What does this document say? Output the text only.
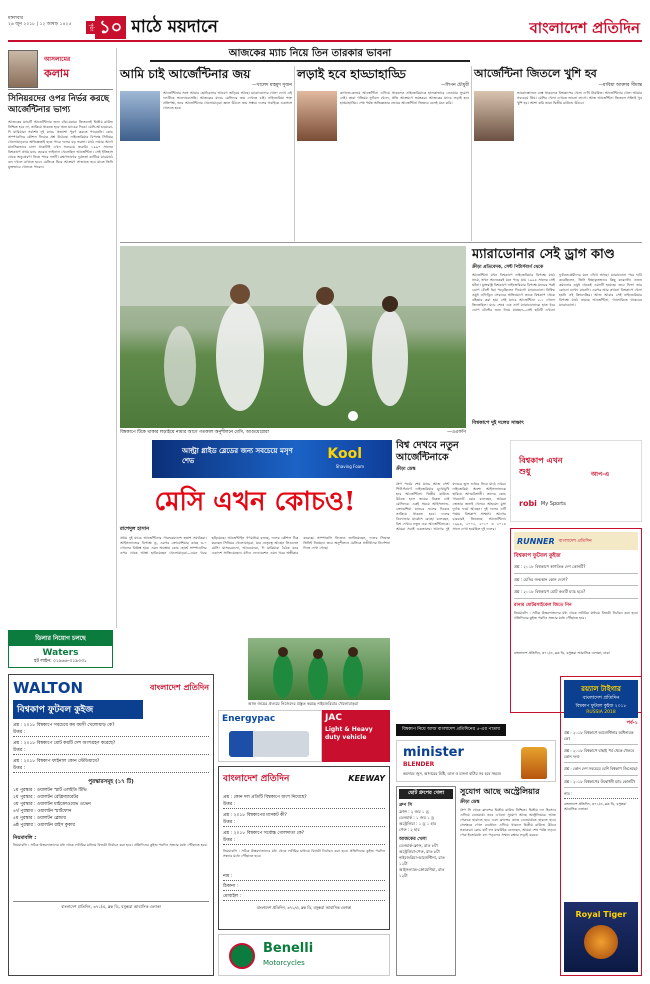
মঙ্গলবার
২৬ জুন ২০১৮ | ১২ আষাঢ় ১৪২৫	পৃষ্ঠা ১০ মাঠে ময়দানে	বাংলাদেশ প্রতিদিন
আসলামের
কলাম
সিনিয়রদের ওপর নির্ভর করছে আর্জেন্টিনার ভাগ্য
আজকের ম্যাচটি আর্জেন্টিনার জন্য বাঁচা-মরার। জিতলেই দ্বিতীয় রাউন্ড নিশ্চিত হবে না, তাকিয়ে থাকতে হবে অন্য ম্যাচের দিকে। মেসি-আগুয়েরো-দি মারিয়ারা সর্বশেষ দুই ম্যাচে প্রত্যাশা পূরণ করতে পারেননি। কোচ সাম্পাওলির কৌশল নিয়েও প্রশ্ন উঠেছে। নাইজেরিয়ার বিপক্ষে সিনিয়র খেলোয়াড়দের অভিজ্ঞতাই হতে পারে দলের বড় ভরসা। মাঠে নামার আগে মানসিকভাবে চাঙ্গা থাকাটাই এখন সবচেয়ে জরুরি। ১৯৯০ সালের বিশ্বকাপে প্রথম ম্যাচ হেরেও ফাইনাল খেলেছিল আর্জেন্টিনা। সেই ইতিহাস থেকে অনুপ্রেরণা নিতে পারে দলটি। রক্ষণভাগের দুর্বলতা কাটিয়ে মাঝমাঠে বল দখলে রাখতে হবে। মেসিকে ঘিরে আক্রমণ সাজাতে হবে যাতে তিনি মুক্তভাবে খেলতে পারেন।
আজকের ম্যাচ নিয়ে তিন তারকার ভাবনা
আমি চাই আর্জেন্টিনার জয়
—খালেদ মাহমুদ সুজন
আর্জেন্টিনার সঙ্গে আমার ছোটবেলার আবেগ জড়িয়ে আছে। ম্যারাডোনার খেলা দেখে এই দলটিকে ভালোবেসেছি। আজকের ম্যাচে মেসিদের জয় দেখতে চাই। নাইজেরিয়া শক্ত প্রতিপক্ষ, তবে আর্জেন্টিনার খেলোয়াড়রা জ্বলে উঠলে জয় সম্ভব। দলের সবাইকে একসঙ্গে খেলতে হবে।
লড়াই হবে হাড্ডাহাড্ডি
—লিপন চৌধুরী
কাগজে-কলমে আর্জেন্টিনা এগিয়ে থাকলেও নাইজেরিয়াকে হালকাভাবে নেওয়ার সুযোগ নেই। তারা গতিময় ফুটবল খেলে, প্রতি আক্রমণে ভয়ংকর। আজকের ম্যাচে লড়াই হবে হাড্ডাহাড্ডি। শেষ পর্যন্ত অভিজ্ঞতার জোরে আর্জেন্টিনা জিতবে বলেই মনে করি।
আর্জেন্টিনা জিতলে খুশি হব
—মাবিয়া আক্তার সীমান্ত
ভারোত্তোলনে ব্যস্ত থাকলেও বিশ্বকাপের খেলা দেখি নিয়মিত। আর্জেন্টিনার খেলা আমার সবচেয়ে প্রিয়। মেসির খেলা দেখতে ভালো লাগে। আজ আর্জেন্টিনা জিতলে সত্যিই খুব খুশি হব। আশা করি তারা দ্বিতীয় রাউন্ডে উঠবে।
বিশ্বকাপে টিকে থাকার লড়াইয়ে নামার আগে গতকাল অনুশীলনে মেসি, আগুয়েরোরা	—এএফপি
ম্যারাডোনার সেই ড্রাগ কাণ্ড
ক্রীড়া প্রতিবেদক, সেন্ট পিটার্সবার্গ থেকে
আর্জেন্টিনা যখন বিশ্বকাপে নাইজেরিয়ার বিপক্ষে মাঠে নামে, তখন অনেকেরই মনে পড়ে যায় ১৯৯৪ সালের সেই ঘটনা। যুক্তরাষ্ট্র বিশ্বকাপে নাইজেরিয়ার বিপক্ষে ম্যাচের পরই ডোপ টেস্টে ধরা পড়েছিলেন দিয়েগো ম্যারাডোনা। নিষিদ্ধ ওষুধ এফিড্রিন সেবনের অভিযোগে তাকে বিশ্বকাপ থেকে বহিষ্কার করা হয়। সেই ম্যাচে আর্জেন্টিনা ২-১ গোলে জিতেছিল। ম্যাচ শেষে এক নার্স ম্যারাডোনাকে হাত ধরে ডোপ টেস্টের জন্য নিয়ে যাচ্ছেন—সেই ছবিটি এখনো ফুটবলপ্রেমীদের মনে গেঁথে আছে। ম্যারাডোনা পরে দাবি করেছিলেন, তিনি ইচ্ছাকৃতভাবে কিছু করেননি। ওজন কমানোর ওষুধ থেকেই এমনটি হয়েছে। তবে ফিফা তার কোনো ব্যাখ্যা মানেনি। এরপর আর কখনো বিশ্বকাপে খেলা হয়নি এই কিংবদন্তির। আজ আবার সেই নাইজেরিয়ার বিপক্ষে মাঠে নামছে আর্জেন্টিনা, গ্যালারিতে থাকবেন ম্যারাডোনা।
বিশ্বকাপে দুই দলের সাক্ষাৎ
আল্ট্রা গ্লাইড ব্লেডের জন্য সবচেয়ে মসৃণ শেভ	Kool
Shaving Foam
বিশ্ব দেখবে নতুন আর্জেন্টিনাকে
ক্রীড়া ডেস্ক
বিশ্বকাপ এখন শুধু	আপ-এ
robi My Sports
মেসি এখন কোচও!
রাশেদুল হাসান
প্রথম দুই ম্যাচে আর্জেন্টিনার পারফরম্যান্সে হতাশ সমর্থকরা। আইসল্যান্ডের বিপক্ষে ড্র, এরপর ক্রোয়েশিয়ার কাছে ৩-০ গোলের বিধ্বস্ত হার। এমন অবস্থায় কোচ হোর্হে সাম্পাওলির ওপর থেকে আস্থা হারিয়েছেন খেলোয়াড়রা—এমন খবর ছড়িয়েছে। আর্জেন্টাইন গণমাধ্যম বলছে, দলের কৌশল ঠিক করছেন সিনিয়র খেলোয়াড়রা, যার নেতৃত্বে আছেন লিওনেল মেসি। মাসচেরানো, আগুয়েরো, দি মারিয়ারা বৈঠক করে একাদশ সাজিয়েছেন। যদিও ফেডারেশন এমন খবর অস্বীকার করেছে। সাম্পাওলি নিজেও জানিয়েছেন, দলের সিদ্ধান্ত তিনিই নিচ্ছেন। তবে অনুশীলনে মেসিকে সতীর্থদের নির্দেশনা দিতে দেখা গেছে।
গ্রুপ পর্বের শেষ ম্যাচে আজ সেন্ট পিটার্সবার্গে নাইজেরিয়ার মুখোমুখি হবে আর্জেন্টিনা। দ্বিতীয় রাউন্ডে উঠতে হলে জয়ের বিকল্প নেই মেসিদের। একই সময়ে আইসল্যান্ড-ক্রোয়েশিয়া ম্যাচের ফলের দিকেও তাকিয়ে থাকতে হবে। দলের ডিফেন্ডার মার্কোস রোহো বলেছেন, বিশ্ব দেখবে নতুন এক আর্জেন্টিনাকে। আমরা সবাই একতাবদ্ধ। আগের দুই ম্যাচের ভুল শুধরে নিয়ে মাঠে নামব। নাইজেরিয়া অবশ্য আইসল্যান্ডকে হারিয়ে আত্মবিশ্বাসী। তাদের কোচ গারনোট রোর বলেছেন, আমরা জেতার জন্যই খেলব। আহমেদ মুসা দুর্দান্ত ফর্মে আছেন। দুই দলের এটি পঞ্চম বিশ্বকাপ সাক্ষাৎ। আগের চারবারই জিতেছে আর্জেন্টিনা। ১৯৯৪, ২০০২, ২০১০ ও ২০১৪ সালে দেখা হয়েছিল দুই দলের।
RUNNER বাংলাদেশ প্রতিদিন
বিশ্বকাপ ফুটবল কুইজ
প্রশ্ন : ২০১৮ বিশ্বকাপে স্বাগতিক দেশ কোনটি?
প্রশ্ন : মেসির জন্মস্থান কোন দেশে?
প্রশ্ন : ২০১৮ বিশ্বকাপে মোট কতটি ম্যাচ হবে?
রানার মোটরসাইকেল জিতে নিন
নিয়মাবলি : সঠিক উত্তরদাতাদের মধ্য থেকে লটারির মাধ্যমে বিজয়ী নির্বাচন করা হবে। প্রতিদিনের কুইজ পরদিন সন্ধ্যার মধ্যে পৌঁছাতে হবে।
বাংলাদেশ প্রতিদিন, ৩৭১/এ, ব্লক ডি, বসুন্ধরা আবাসিক এলাকা, ঢাকা
আজ জয়ের প্রত্যয়ে নিজেদের প্রস্তুত করছে নাইজেরিয়ার খেলোয়াড়রা
ডিলার নিয়োগ চলছে
Waters
হট লাইন: ০১৯৬৬-৩১৯৩৩১
WALTON	বাংলাদেশ প্রতিদিন
বিশ্বকাপ ফুটবল কুইজ
প্রশ্ন : ২০১৮ বিশ্বকাপে সবচেয়ে কম বয়সী খেলোয়াড় কে?
উত্তর :
প্রশ্ন : ২০১৮ বিশ্বকাপে মোট কয়টি দেশ অংশগ্রহণ করেছে?
উত্তর :
প্রশ্ন : ২০১৮ বিশ্বকাপ ফাইনাল কোন স্টেডিয়ামে?
উত্তর :
পুরস্কারসমূহ (১৭ টি)
১ম পুরস্কার : ওয়ালটন স্মার্ট এলইডি টিভি
২য় পুরস্কার : ওয়ালটন রেফ্রিজারেটর
৩য় পুরস্কার : ওয়ালটন মাইক্রোওয়েভ ওভেন
৪র্থ পুরস্কার : ওয়ালটন স্মার্টফোন
৫ম পুরস্কার : ওয়ালটন ব্লেন্ডার
৬ষ্ঠ পুরস্কার : ওয়ালটন রাইস কুকার
নিয়মাবলি :
নিয়মাবলি : সঠিক উত্তরদাতাদের মধ্য থেকে লটারির মাধ্যমে বিজয়ী নির্বাচন করা হবে। প্রতিদিনের কুইজ পরদিন সন্ধ্যার মধ্যে পৌঁছাতে হবে।
বাংলাদেশ প্রতিদিন, ৩৭১/এ, ব্লক ডি, বসুন্ধরা আবাসিক এলাকা
Energypac	JAC
Light & Heavy duty vehicle
বাংলাদেশ প্রতিদিন	KEEWAY
প্রশ্ন : কোন দল প্রতিটি বিশ্বকাপে অংশ নিয়েছে?
উত্তর :
প্রশ্ন : ২০১৮ বিশ্বকাপের মাসকট কী?
উত্তর :
প্রশ্ন : ২০১৮ বিশ্বকাপে সর্বোচ্চ গোলদাতা কে?
উত্তর :
নিয়মাবলি : সঠিক উত্তরদাতাদের মধ্য থেকে লটারির মাধ্যমে বিজয়ী নির্বাচন করা হবে। প্রতিদিনের কুইজ পরদিন সন্ধ্যার মধ্যে পৌঁছাতে হবে।
নাম :
ঠিকানা :
মোবাইল :
বাংলাদেশ প্রতিদিন, ৩৭১/এ, ব্লক ডি, বসুন্ধরা আবাসিক এলাকা
Benelli
Motorcycles
বিশ্বকাপ নিয়ে আজ বাংলাদেশ প্রতিদিনের ৫-এর পাতায়
minister
BLENDER
কমদামে জুস, আদারের মিষ্টি, ডাল ও মসলা বাটার সব হবে সহজে
ছোট গ্রুপের খেলা
গ্রুপ সি
ফ্রান্স : ২ জয় ১ ড্র
ডেনমার্ক : ১ জয় ১ ড্র
অস্ট্রেলিয়া : ১ ড্র ১ হার
পেরু : ২ হার
আজকের খেলা
ডেনমার্ক-ফ্রান্স, রাত ৮টা
অস্ট্রেলিয়া-পেরু, রাত ৮টা
নাইজেরিয়া-আর্জেন্টিনা, রাত ১২টা
আইসল্যান্ড-ক্রোয়েশিয়া, রাত ১২টা
সুযোগ আছে অস্ট্রেলিয়ার
ক্রীড়া ডেস্ক
গ্রুপ সি থেকে ফ্রান্সের দ্বিতীয় রাউন্ড নিশ্চিত। দ্বিতীয় দল হিসেবে এগিয়ে ডেনমার্ক। তবে এখনো সুযোগ আছে অস্ট্রেলিয়ার। আজ পেরুকে হারাতে হবে এবং ফ্রান্সের কাছে ডেনমার্ককে হারতে হবে। সেক্ষেত্রে গোল ব্যবধানে এগিয়ে থাকলে দ্বিতীয় রাউন্ডে উঠবে সকারুরা। কোচ বার্ট ফন মারউইক বলেছেন, আমরা শেষ পর্যন্ত লড়ব। পেরু ইতোমধ্যে বাদ পড়লেও সম্মান রক্ষার লড়াই করবে।
রয়্যাল টাইগার
বাংলাদেশ প্রতিদিন
বিশ্বকাপ ফুটবল কুইজ ২০১৮
RUSSIA 2018
পর্ব-১
প্রশ্ন : ২০১৮ বিশ্বকাপে আর্জেন্টিনার অধিনায়ক কে?
প্রশ্ন : ২০১৮ বিশ্বকাপে বাছাই পর্ব থেকে খেলবে কোন দল?
প্রশ্ন : কোন দেশ সবচেয়ে বেশি বিশ্বকাপ জিতেছে?
প্রশ্ন : ২০১৮ বিশ্বকাপের উদ্বোধনী ম্যাচ কোনটি?
নাম :
বাংলাদেশ প্রতিদিন, ৩৭১/এ, ব্লক ডি, বসুন্ধরা আবাসিক এলাকা
Royal Tiger
